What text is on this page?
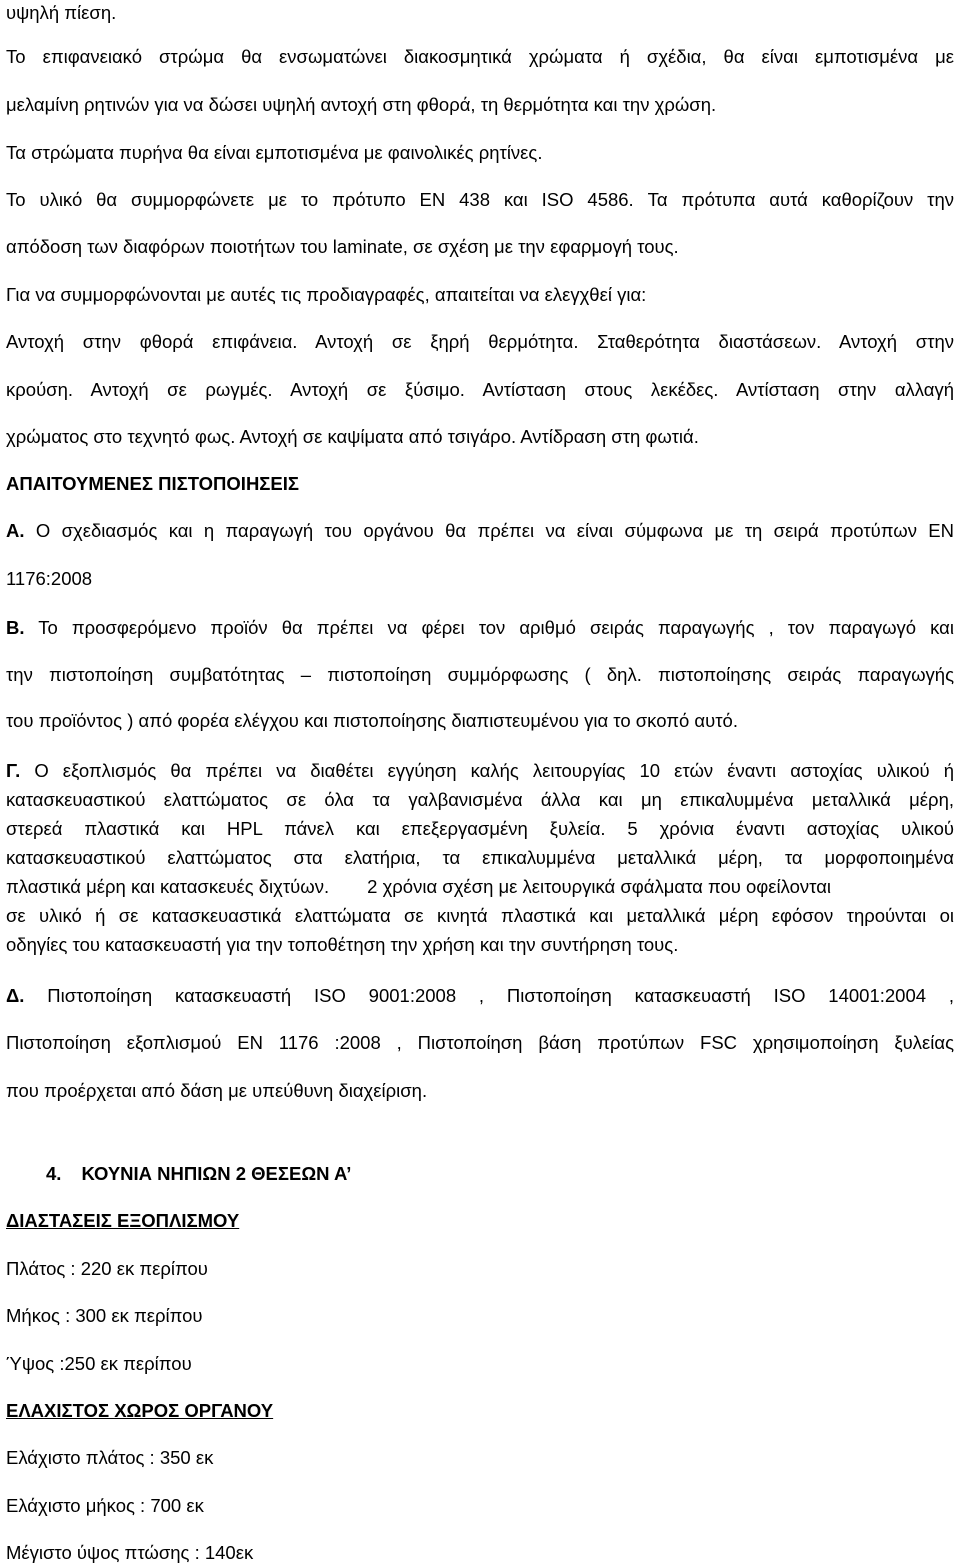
υψηλή πίεση.
Το επιφανειακό στρώμα θα ενσωματώνει διακοσμητικά χρώματα ή σχέδια, θα είναι εμποτισμένα με
μελαμίνη ρητινών για να δώσει υψηλή αντοχή στη φθορά, τη θερμότητα και την χρώση.
Τα στρώματα πυρήνα θα είναι εμποτισμένα με φαινολικές ρητίνες.
Το υλικό θα συμμορφώνετε με το πρότυπο ΕΝ 438 και ISO 4586. Τα πρότυπα αυτά καθορίζουν την
απόδοση των διαφόρων ποιοτήτων του laminate, σε σχέση με την εφαρμογή τους.
Για να συμμορφώνονται με αυτές τις προδιαγραφές, απαιτείται να ελεγχθεί για:
Αντοχή στην φθορά επιφάνεια. Αντοχή σε ξηρή θερμότητα. Σταθερότητα διαστάσεων. Αντοχή στην
κρούση. Αντοχή σε ρωγμές. Αντοχή σε ξύσιμο. Αντίσταση στους λεκέδες. Αντίσταση στην αλλαγή
χρώματος στο τεχνητό φως. Αντοχή σε καψίματα από τσιγάρο. Αντίδραση στη φωτιά.
ΑΠΑΙΤΟΥΜΕΝΕΣ ΠΙΣΤΟΠΟΙΗΣΕΙΣ
Α. Ο σχεδιασμός και η παραγωγή του οργάνου θα πρέπει να είναι σύμφωνα με τη σειρά προτύπων ΕΝ
1176:2008
Β. Το προσφερόμενο προϊόν θα πρέπει να φέρει τον αριθμό σειράς παραγωγής , τον παραγωγό και
την πιστοποίηση συμβατότητας – πιστοποίηση συμμόρφωσης ( δηλ. πιστοποίησης σειράς παραγωγής
του προϊόντος ) από φορέα ελέγχου και πιστοποίησης διαπιστευμένου για το σκοπό αυτό.
Γ. Ο εξοπλισμός θα πρέπει να διαθέτει εγγύηση καλής λειτουργίας 10 ετών έναντι αστοχίας υλικού ή
κατασκευαστικού ελαττώματος σε όλα τα γαλβανισμένα άλλα και μη επικαλυμμένα μεταλλικά μέρη,
στερεά πλαστικά και HPL πάνελ και επεξεργασμένη ξυλεία. 5 χρόνια έναντι αστοχίας υλικού
κατασκευαστικού ελαττώματος στα ελατήρια, τα επικαλυμμένα μεταλλικά μέρη, τα μορφοποιημένα
πλαστικά μέρη και κατασκευές διχτύων. 2 χρόνια σχέση με λειτουργικά σφάλματα που οφείλονται
σε υλικό ή σε κατασκευαστικά ελαττώματα σε κινητά πλαστικά και μεταλλικά μέρη εφόσον τηρούνται οι
οδηγίες του κατασκευαστή για την τοποθέτηση την χρήση και την συντήρηση τους.
Δ. Πιστοποίηση κατασκευαστή ISO 9001:2008 , Πιστοποίηση κατασκευαστή ISO 14001:2004 ,
Πιστοποίηση εξοπλισμού ΕΝ 1176 :2008 , Πιστοποίηση βάση προτύπων FSC χρησιμοποίηση ξυλείας
που προέρχεται από δάση με υπεύθυνη διαχείριση.
4. ΚΟΥΝΙΑ ΝΗΠΙΩΝ 2 ΘΕΣΕΩΝ Α’
ΔΙΑΣΤΑΣΕΙΣ ΕΞΟΠΛΙΣΜΟΥ
Πλάτος : 220 εκ περίπου
Μήκος : 300 εκ περίπου
Ύψος :250 εκ περίπου
ΕΛΑΧΙΣΤΟΣ ΧΩΡΟΣ ΟΡΓΑΝΟΥ
Ελάχιστο πλάτος : 350 εκ
Ελάχιστο μήκος : 700 εκ
Μέγιστο ύψος πτώσης : 140εκ
